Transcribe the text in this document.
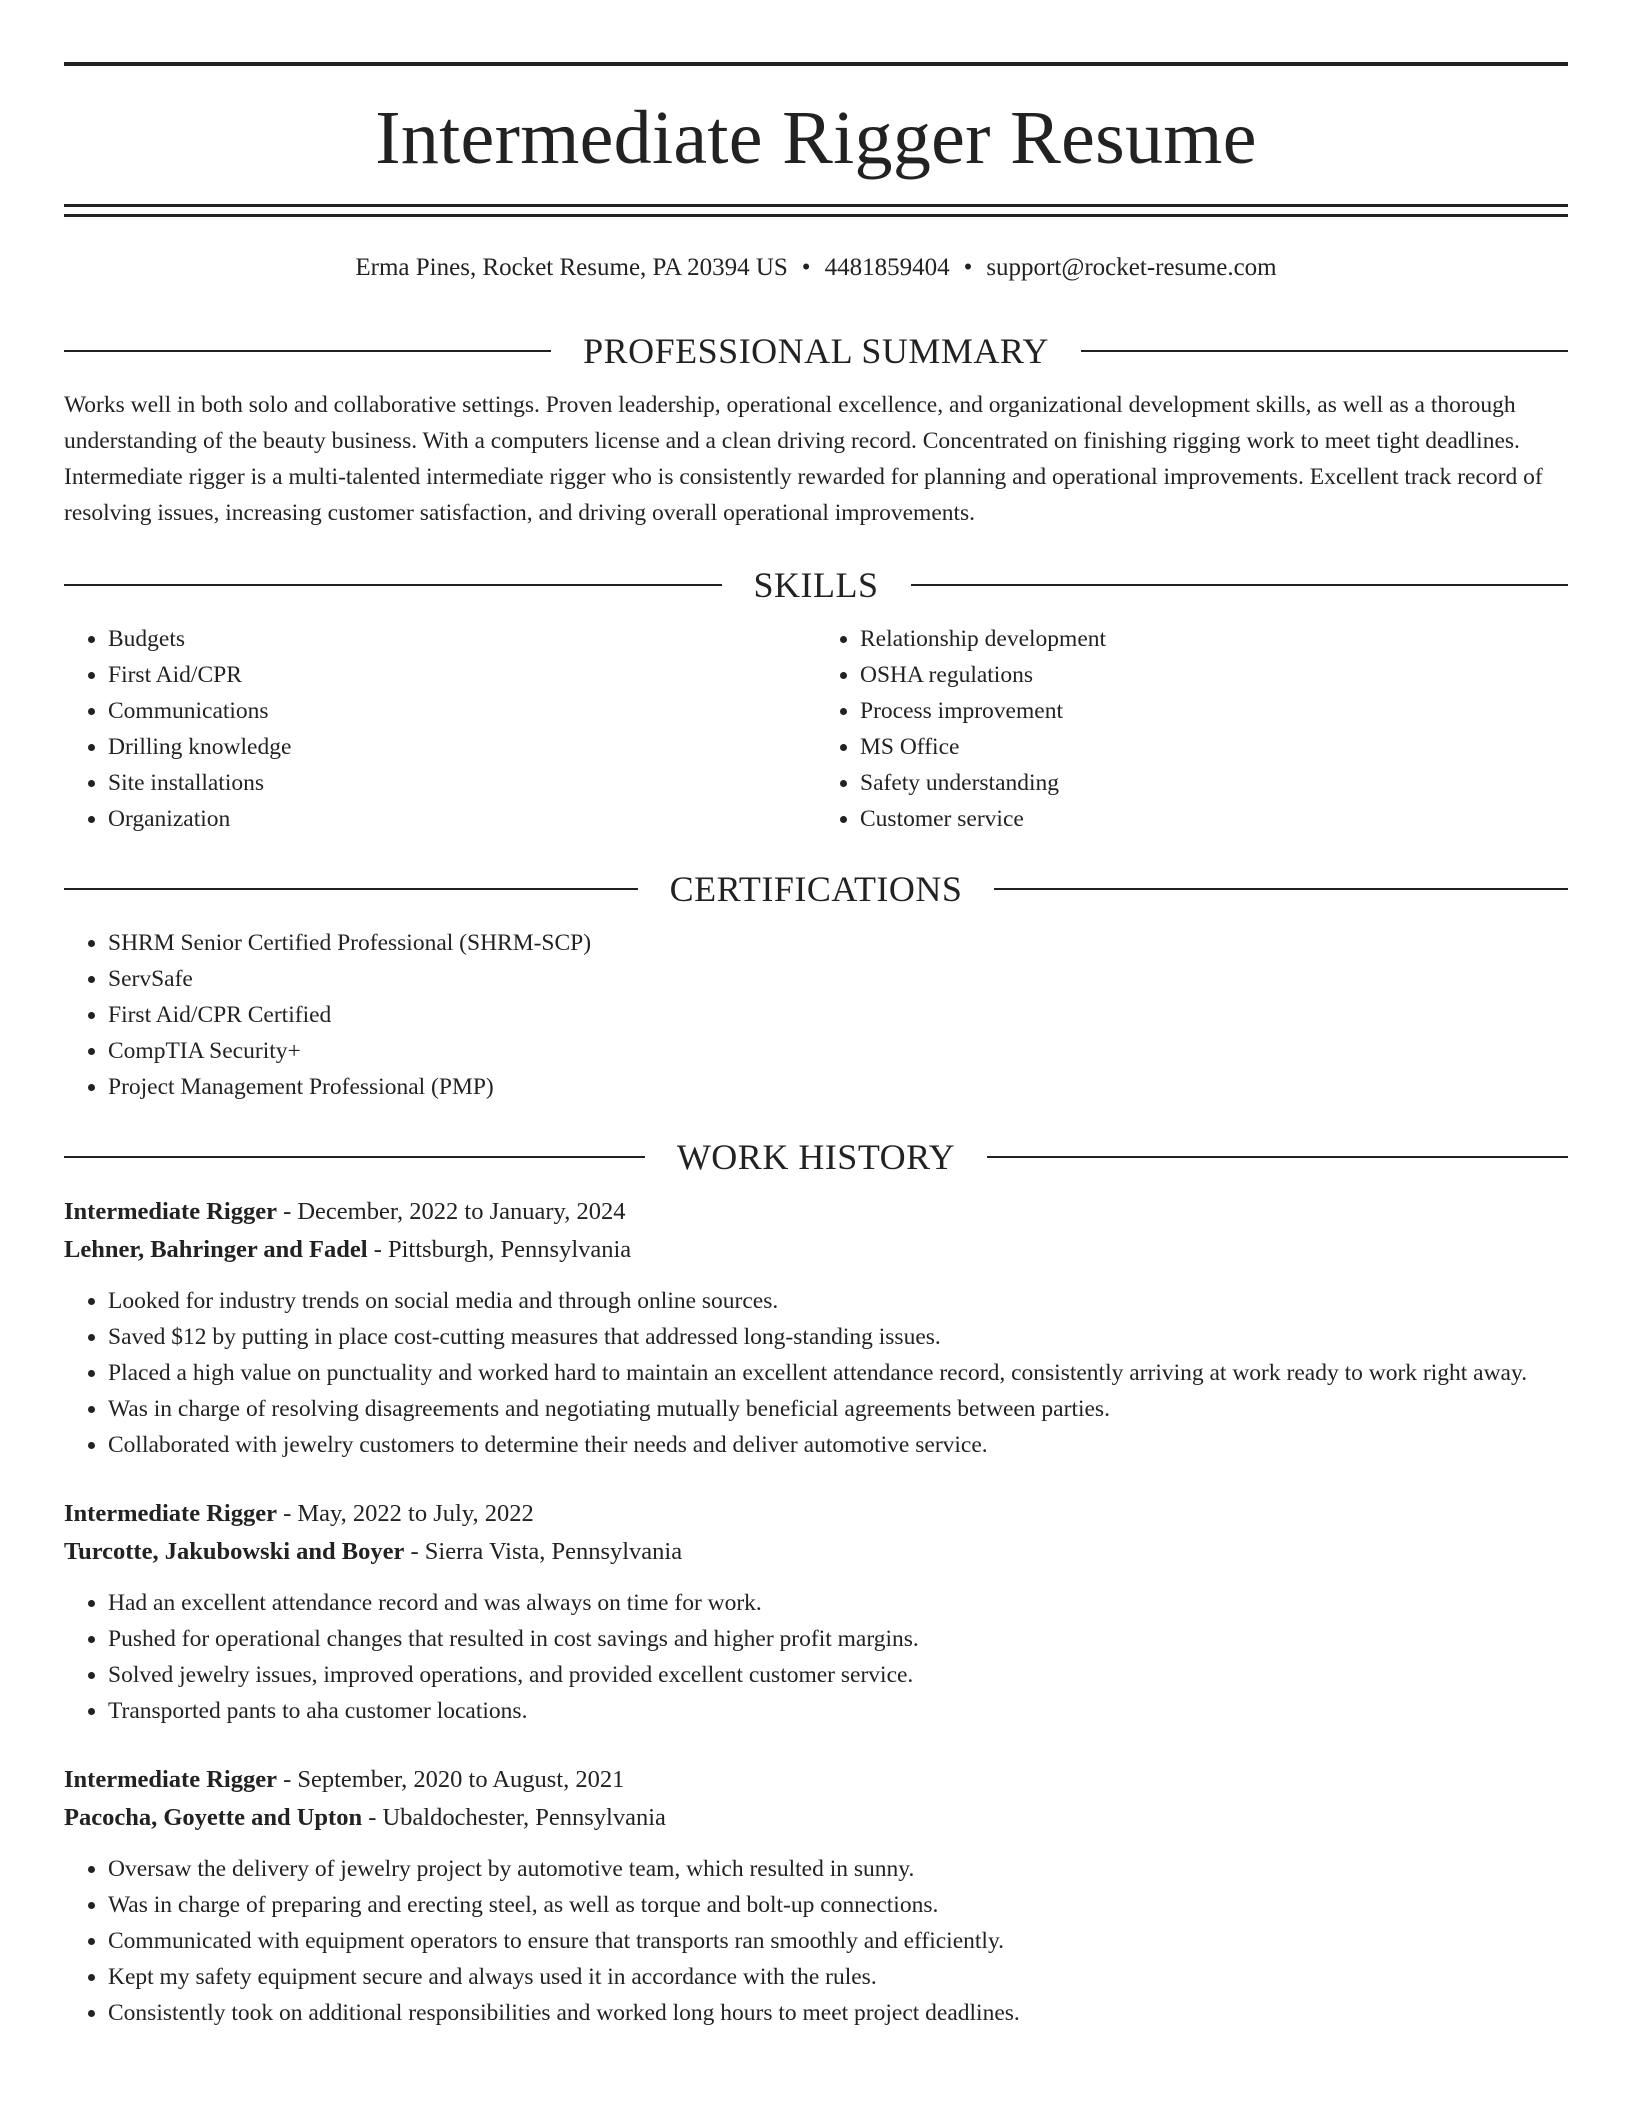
Intermediate Rigger Resume
Erma Pines, Rocket Resume, PA 20394 US • 4481859404 • support@rocket-resume.com
PROFESSIONAL SUMMARY

Works well in both solo and collaborative settings. Proven leadership, operational excellence, and organizational development skills, as well as a thorough understanding of the beauty business. With a computers license and a clean driving record. Concentrated on finishing rigging work to meet tight deadlines. Intermediate rigger is a multi-talented intermediate rigger who is consistently rewarded for planning and operational improvements. Excellent track record of resolving issues, increasing customer satisfaction, and driving overall operational improvements.

SKILLS
• Budgets
• First Aid/CPR
• Communications
• Drilling knowledge
• Site installations
• Organization
• Relationship development
• OSHA regulations
• Process improvement
• MS Office
• Safety understanding
• Customer service
CERTIFICATIONS
• SHRM Senior Certified Professional (SHRM-SCP)
• ServSafe
• First Aid/CPR Certified
• CompTIA Security+
• Project Management Professional (PMP)
WORK HISTORY

Intermediate Rigger - December, 2022 to January, 2024

Lehner, Bahringer and Fadel - Pittsburgh, Pennsylvania

• Looked for industry trends on social media and through online sources.
• Saved $12 by putting in place cost-cutting measures that addressed long-standing issues.
• Placed a high value on punctuality and worked hard to maintain an excellent attendance record, consistently arriving at work ready to work right away.
• Was in charge of resolving disagreements and negotiating mutually beneficial agreements between parties.
• Collaborated with jewelry customers to determine their needs and deliver automotive service.

Intermediate Rigger - May, 2022 to July, 2022

Turcotte, Jakubowski and Boyer - Sierra Vista, Pennsylvania

• Had an excellent attendance record and was always on time for work.
• Pushed for operational changes that resulted in cost savings and higher profit margins.
• Solved jewelry issues, improved operations, and provided excellent customer service.
• Transported pants to aha customer locations.

Intermediate Rigger - September, 2020 to August, 2021

Pacocha, Goyette and Upton - Ubaldochester, Pennsylvania

• Oversaw the delivery of jewelry project by automotive team, which resulted in sunny.
• Was in charge of preparing and erecting steel, as well as torque and bolt-up connections.
• Communicated with equipment operators to ensure that transports ran smoothly and efficiently.
• Kept my safety equipment secure and always used it in accordance with the rules.
• Consistently took on additional responsibilities and worked long hours to meet project deadlines.
